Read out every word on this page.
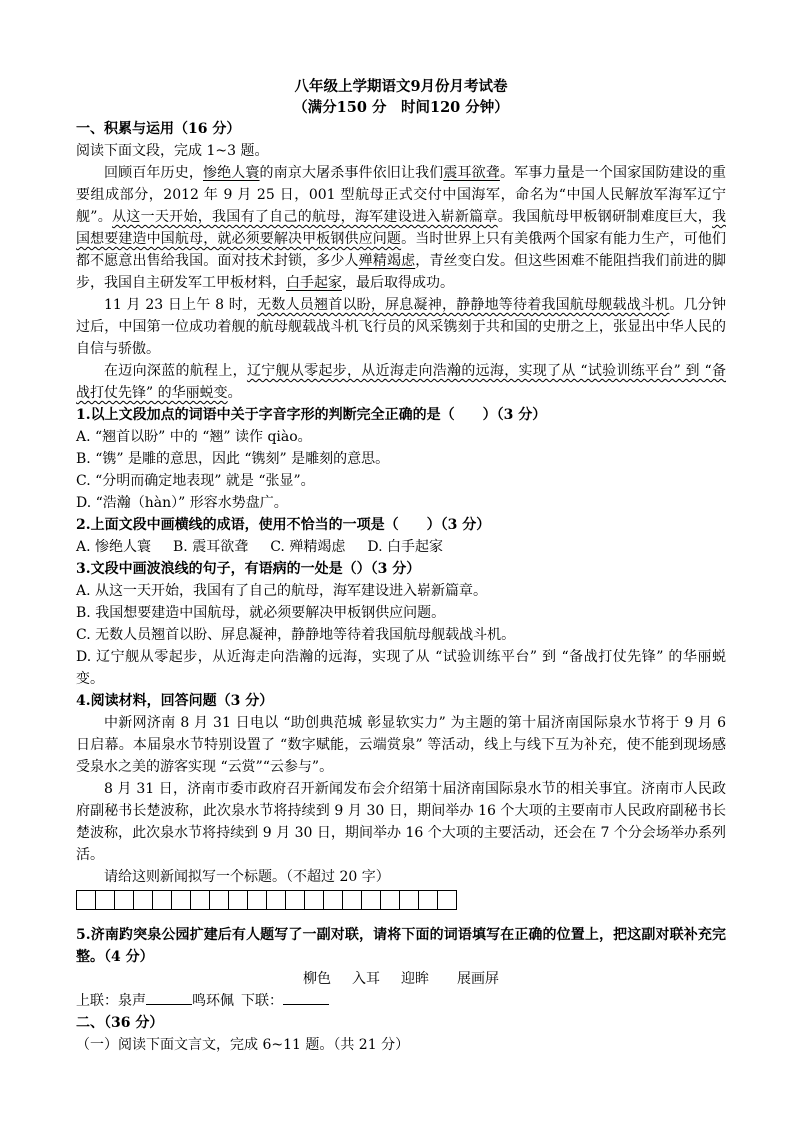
八年级上学期语文9月份月考试卷
（满分150 分　时间120 分钟）
一、积累与运用（16 分）
阅读下面文段，完成 1~3 题。
回顾百年历史，惨绝人寰的南京大屠杀事件依旧让我们震耳欲聋。军事力量是一个国家国防建设的重要组成部分，2012 年 9 月 25 日，001 型航母正式交付中国海军，命名为“中国人民解放军海军辽宁舰”。从这一天开始，我国有了自己的航母，海军建设进入崭新篇章。我国航母甲板钢研制难度巨大，我国想要建造中国航母，就必须要解决甲板钢供应问题。当时世界上只有美俄两个国家有能力生产，可他们都不愿意出售给我国。面对技术封锁，多少人殚精竭虑，青丝变白发。但这些困难不能阻挡我们前进的脚步，我国自主研发军工甲板材料，白手起家，最后取得成功。
11 月 23 日上午 8 时，无数人员翘首以盼，屏息凝神，静静地等待着我国航母舰载战斗机。几分钟过后，中国第一位成功着舰的航母舰载战斗机飞行员的风采镌刻于共和国的史册之上，张显出中华人民的自信与骄傲。
在迈向深蓝的航程上，辽宁舰从零起步，从近海走向浩瀚的远海，实现了从 “试验训练平台” 到 “备战打仗先锋” 的华丽蜕变。
1.以上文段加点的词语中关于字音字形的判断完全正确的是（　　）（3 分）
A. “翘首以盼” 中的 “翘” 读作 qiào。
B. “镌” 是雕的意思，因此 “镌刻” 是雕刻的意思。
C. “分明而确定地表现” 就是 “张显”。
D. “浩瀚（hàn）” 形容水势盘广。
2.上面文段中画横线的成语，使用不恰当的一项是（　　）（3 分）
A. 惨绝人寰 B. 震耳欲聋 C. 殚精竭虑 D. 白手起家
3.文段中画波浪线的句子，有语病的一处是（）（3 分）
A. 从这一天开始，我国有了自己的航母，海军建设进入崭新篇章。
B. 我国想要建造中国航母，就必须要解决甲板钢供应问题。
C. 无数人员翘首以盼、屏息凝神，静静地等待着我国航母舰载战斗机。
D. 辽宁舰从零起步，从近海走向浩瀚的远海，实现了从 “试验训练平台” 到 “备战打仗先锋” 的华丽蜕变。
4.阅读材料，回答问题（3 分）
中新网济南 8 月 31 日电以 “助创典范城 彰显软实力” 为主题的第十届济南国际泉水节将于 9 月 6 日启幕。本届泉水节特别设置了 “数字赋能，云端赏泉” 等活动，线上与线下互为补充，使不能到现场感受泉水之美的游客实现 “云赏”“云参与”。
8 月 31 日，济南市委市政府召开新闻发布会介绍第十届济南国际泉水节的相关事宜。济南市人民政府副秘书长楚波称，此次泉水节将持续到 9 月 30 日，期间举办 16 个大项的主要南市人民政府副秘书长楚波称，此次泉水节将持续到 9 月 30 日，期间举办 16 个大项的主要活动，还会在 7 个分会场举办系列活。
请给这则新闻拟写一个标题。（不超过 20 字）
5.济南趵突泉公园扩建后有人题写了一副对联，请将下面的词语填写在正确的位置上，把这副对联补充完整。（4 分）
柳色   入耳   迎眸   展画屏
上联：泉声	鸣环佩  下联：
二、（36 分）
（一）阅读下面文言文，完成 6~11 题。（共 21 分）
